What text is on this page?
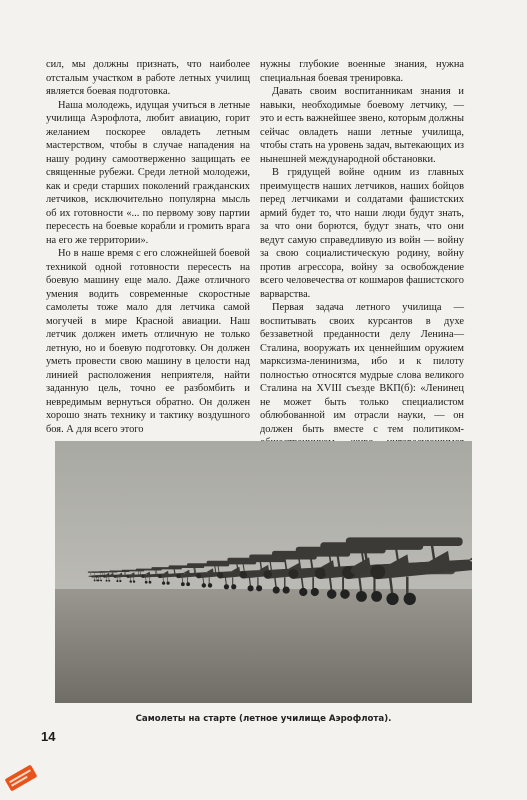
сил, мы должны признать, что наиболее отсталым участком в работе летных училищ является боевая подготовка.

Наша молодежь, идущая учиться в летные училища Аэрофлота, любит авиацию, горит желанием поскорее овладеть летным мастерством, чтобы в случае нападения на нашу родину самоотверженно защищать ее священные рубежи. Среди летной молодежи, как и среди старших поколений гражданских летчиков, исключительно популярна мысль об их готовности «... по первому зову партии пересесть на боевые корабли и громить врага на его же территории».

Но в наше время с его сложнейшей боевой техникой одной готовности пересесть на боевую машину еще мало. Даже отличного умения водить современные скоростные самолеты тоже мало для летчика самой могучей в мире Красной авиации. Наш летчик должен иметь отличную не только летную, но и боевую подготовку. Он должен уметь провести свою машину в целости над линией расположения неприятеля, найти заданную цель, точно ее разбомбить и невредимым вернуться обратно. Он должен хорошо знать технику и тактику воздушного боя. А для всего этого

нужны глубокие военные знания, нужна специальная боевая тренировка.

Давать своим воспитанникам знания и навыки, необходимые боевому летчику, — это и есть важнейшее звено, которым должны сейчас овладеть наши летные училища, чтобы стать на уровень задач, вытекающих из нынешней международной обстановки.

В грядущей войне одним из главных преимуществ наших летчиков, наших бойцов перед летчиками и солдатами фашистских армий будет то, что наши люди будут знать, за что они борются, будут знать, что они ведут самую справедливую из войн — войну за свою социалистическую родину, войну против агрессора, войну за освобождение всего человечества от кошмаров фашистского варварства.

Первая задача летного училища — воспитывать своих курсантов в духе беззаветной преданности делу Ленина—Сталина, вооружать их ценнейшим оружием марксизма-ленинизма, ибо и к пилоту полностью относятся мудрые слова великого Сталина на XVIII съезде ВКП(б): «Ленинец не может быть только специалистом облюбованной им отрасли науки, — он должен быть вместе с тем политиком-

Самолеты на старте (летное училище Аэрофлота).
14
